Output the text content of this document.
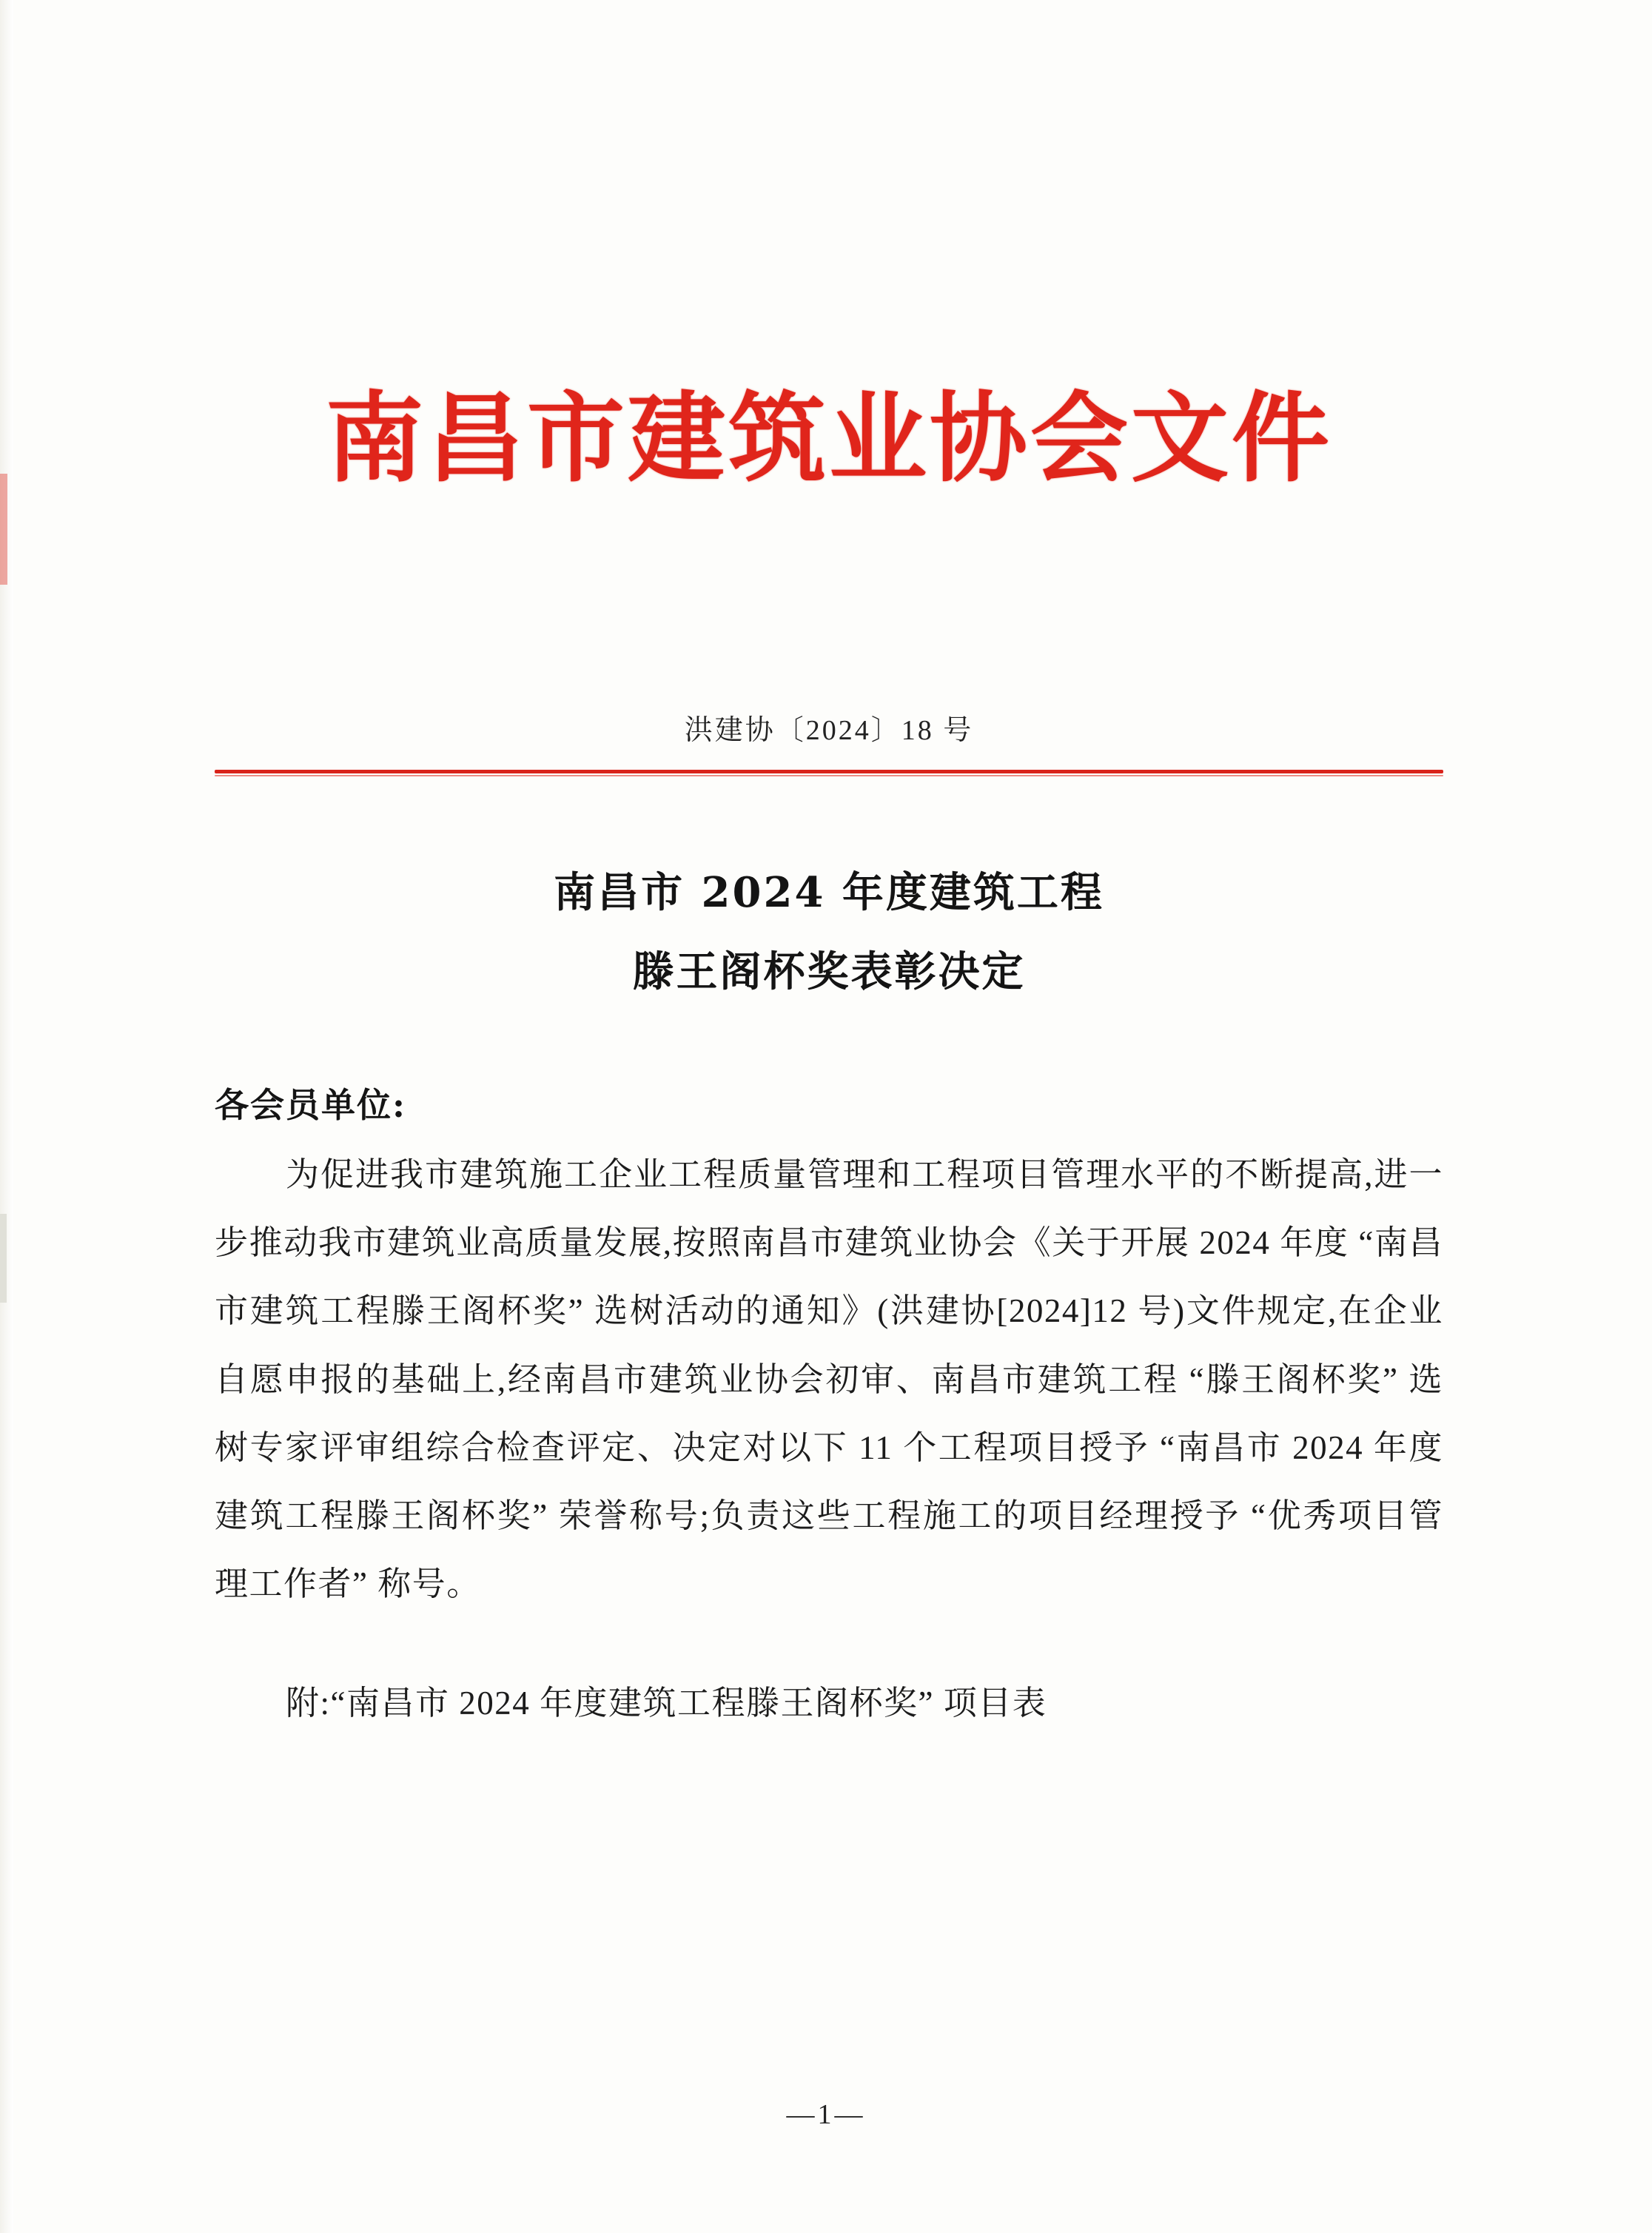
南昌市建筑业协会文件
洪建协〔2024〕18 号
南昌市 2024 年度建筑工程
滕王阁杯奖表彰决定
各会员单位:
为促进我市建筑施工企业工程质量管理和工程项目管理水平的不断提高,进一步推动我市建筑业高质量发展,按照南昌市建筑业协会《关于开展 2024 年度 “南昌市建筑工程滕王阁杯奖” 选树活动的通知》(洪建协[2024]12 号)文件规定,在企业自愿申报的基础上,经南昌市建筑业协会初审、南昌市建筑工程 “滕王阁杯奖” 选树专家评审组综合检查评定、决定对以下 11 个工程项目授予 “南昌市 2024 年度建筑工程滕王阁杯奖” 荣誉称号;负责这些工程施工的项目经理授予 “优秀项目管理工作者” 称号。
附:“南昌市 2024 年度建筑工程滕王阁杯奖” 项目表
—1—
